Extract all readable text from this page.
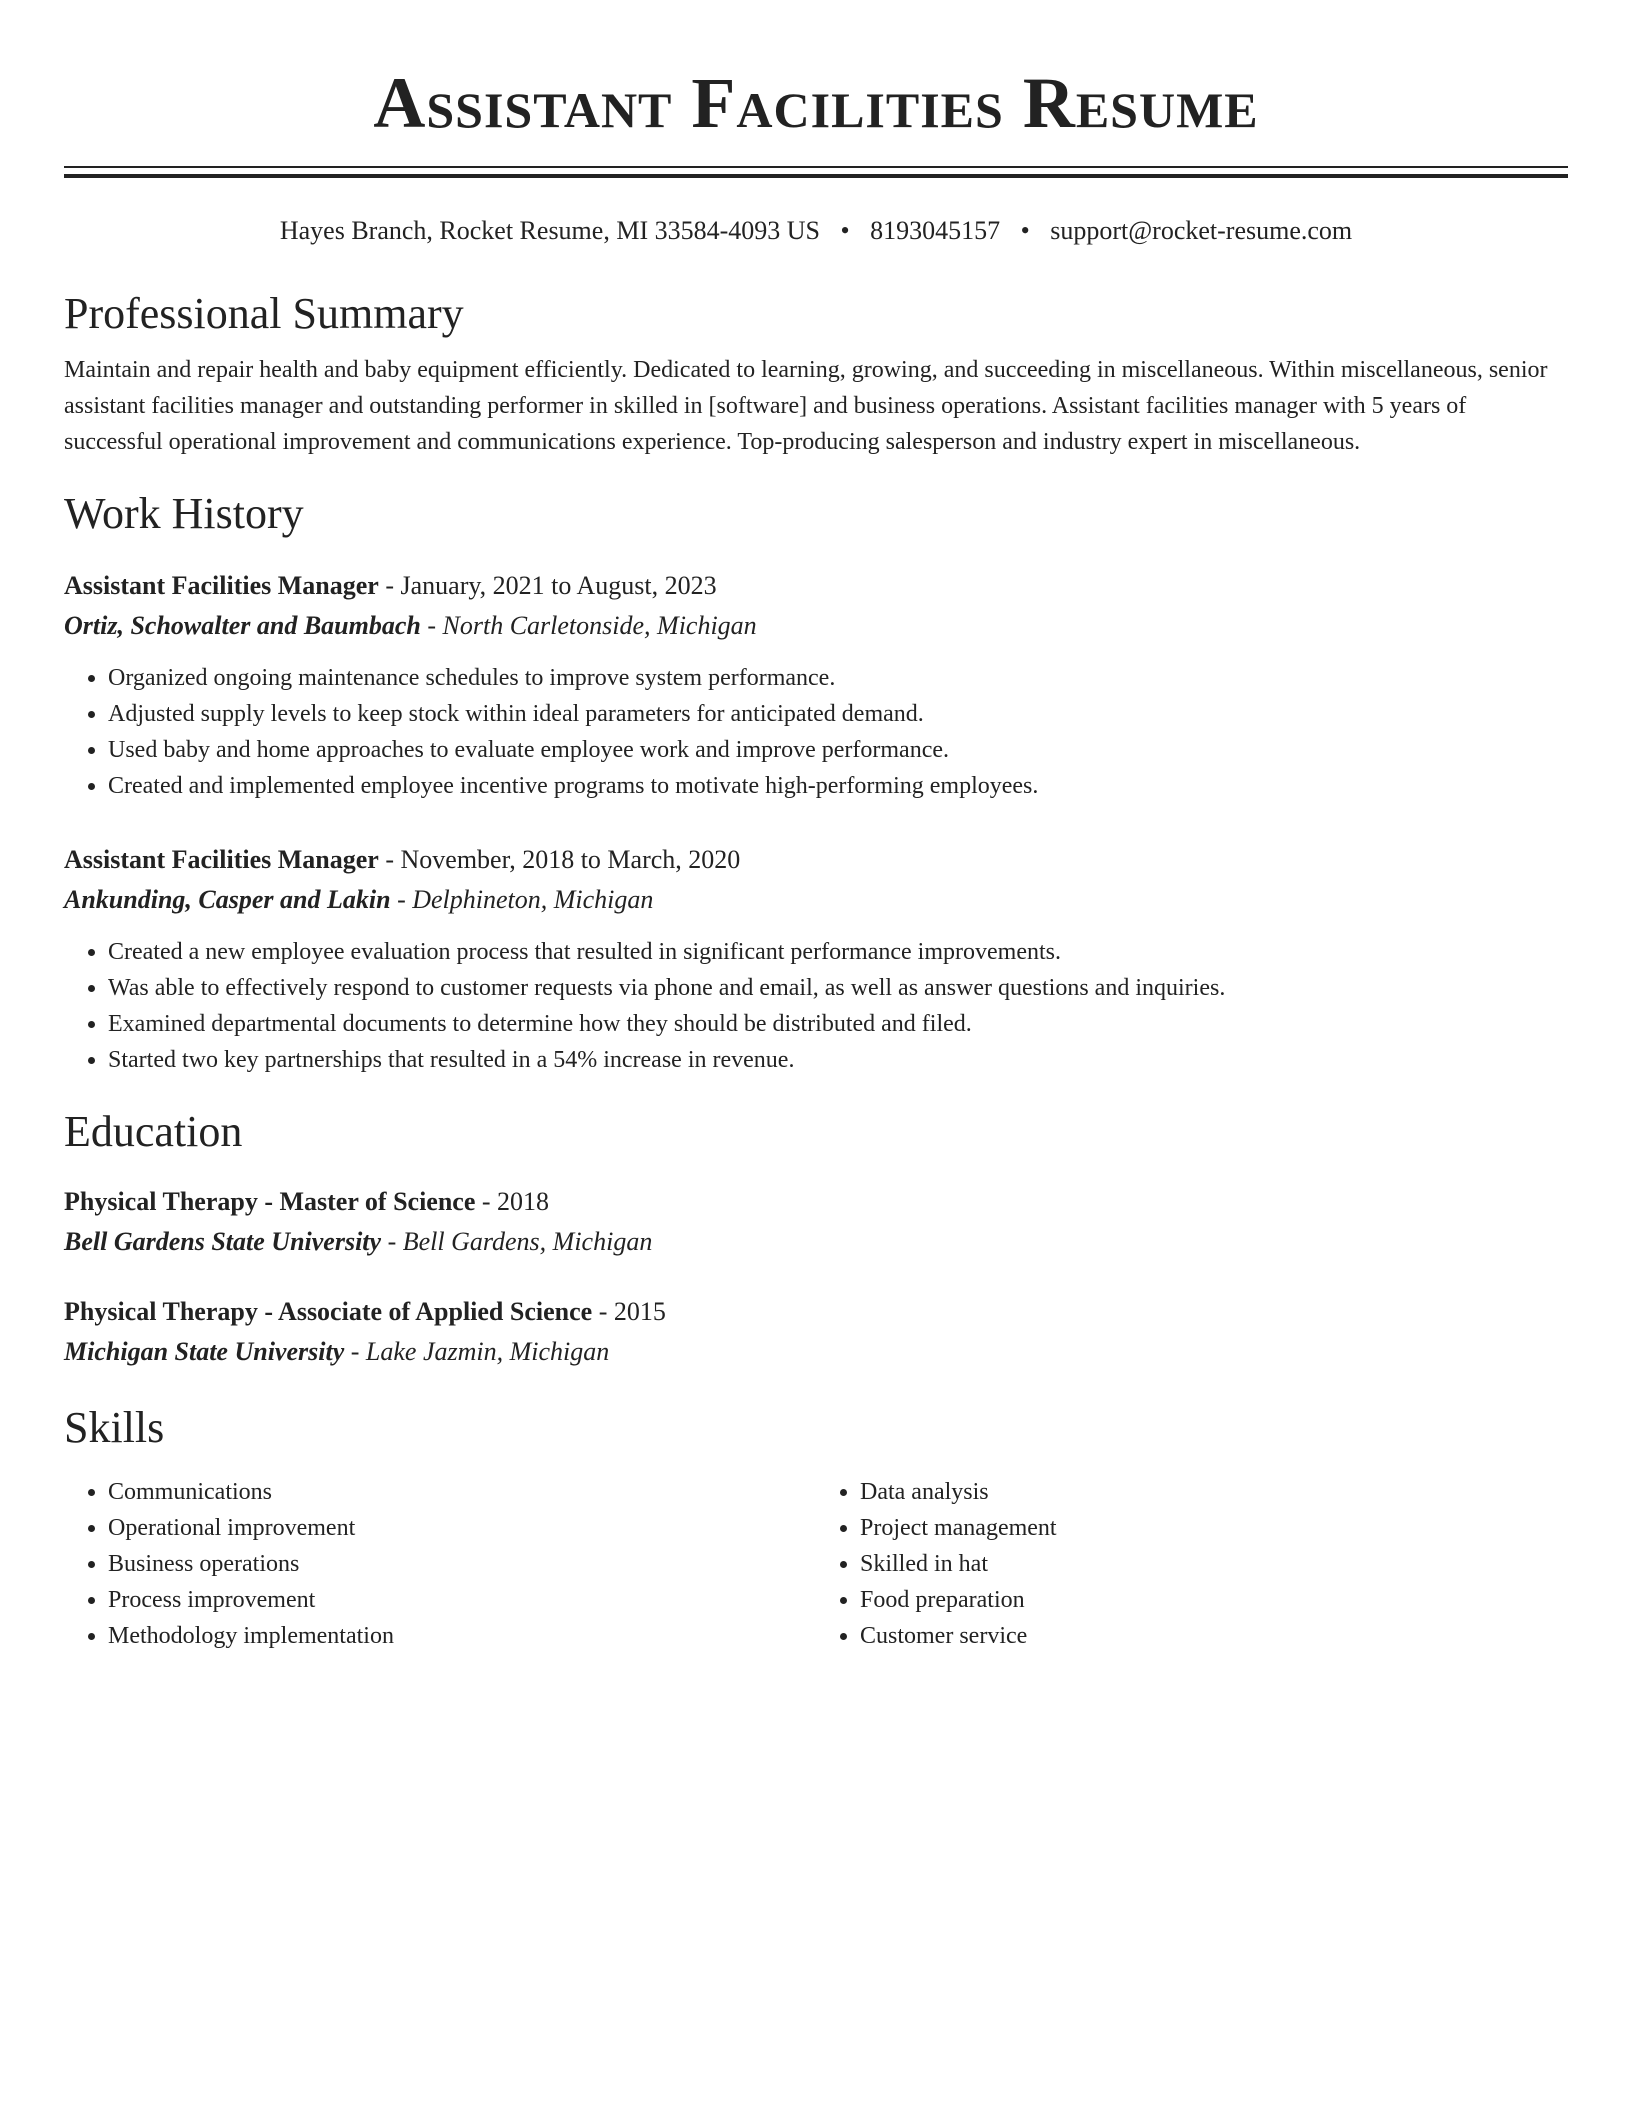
Assistant Facilities Resume
Hayes Branch, Rocket Resume, MI 33584-4093 US • 8193045157 • support@rocket-resume.com
Professional Summary
Maintain and repair health and baby equipment efficiently. Dedicated to learning, growing, and succeeding in miscellaneous. Within miscellaneous, senior assistant facilities manager and outstanding performer in skilled in [software] and business operations. Assistant facilities manager with 5 years of successful operational improvement and communications experience. Top-producing salesperson and industry expert in miscellaneous.
Work History
Assistant Facilities Manager - January, 2021 to August, 2023
Ortiz, Schowalter and Baumbach - North Carletonside, Michigan
• Organized ongoing maintenance schedules to improve system performance.
• Adjusted supply levels to keep stock within ideal parameters for anticipated demand.
• Used baby and home approaches to evaluate employee work and improve performance.
• Created and implemented employee incentive programs to motivate high-performing employees.
Assistant Facilities Manager - November, 2018 to March, 2020
Ankunding, Casper and Lakin - Delphineton, Michigan
• Created a new employee evaluation process that resulted in significant performance improvements.
• Was able to effectively respond to customer requests via phone and email, as well as answer questions and inquiries.
• Examined departmental documents to determine how they should be distributed and filed.
• Started two key partnerships that resulted in a 54% increase in revenue.
Education
Physical Therapy - Master of Science - 2018
Bell Gardens State University - Bell Gardens, Michigan
Physical Therapy - Associate of Applied Science - 2015
Michigan State University - Lake Jazmin, Michigan
Skills
• Communications
• Operational improvement
• Business operations
• Process improvement
• Methodology implementation
• Data analysis
• Project management
• Skilled in hat
• Food preparation
• Customer service
